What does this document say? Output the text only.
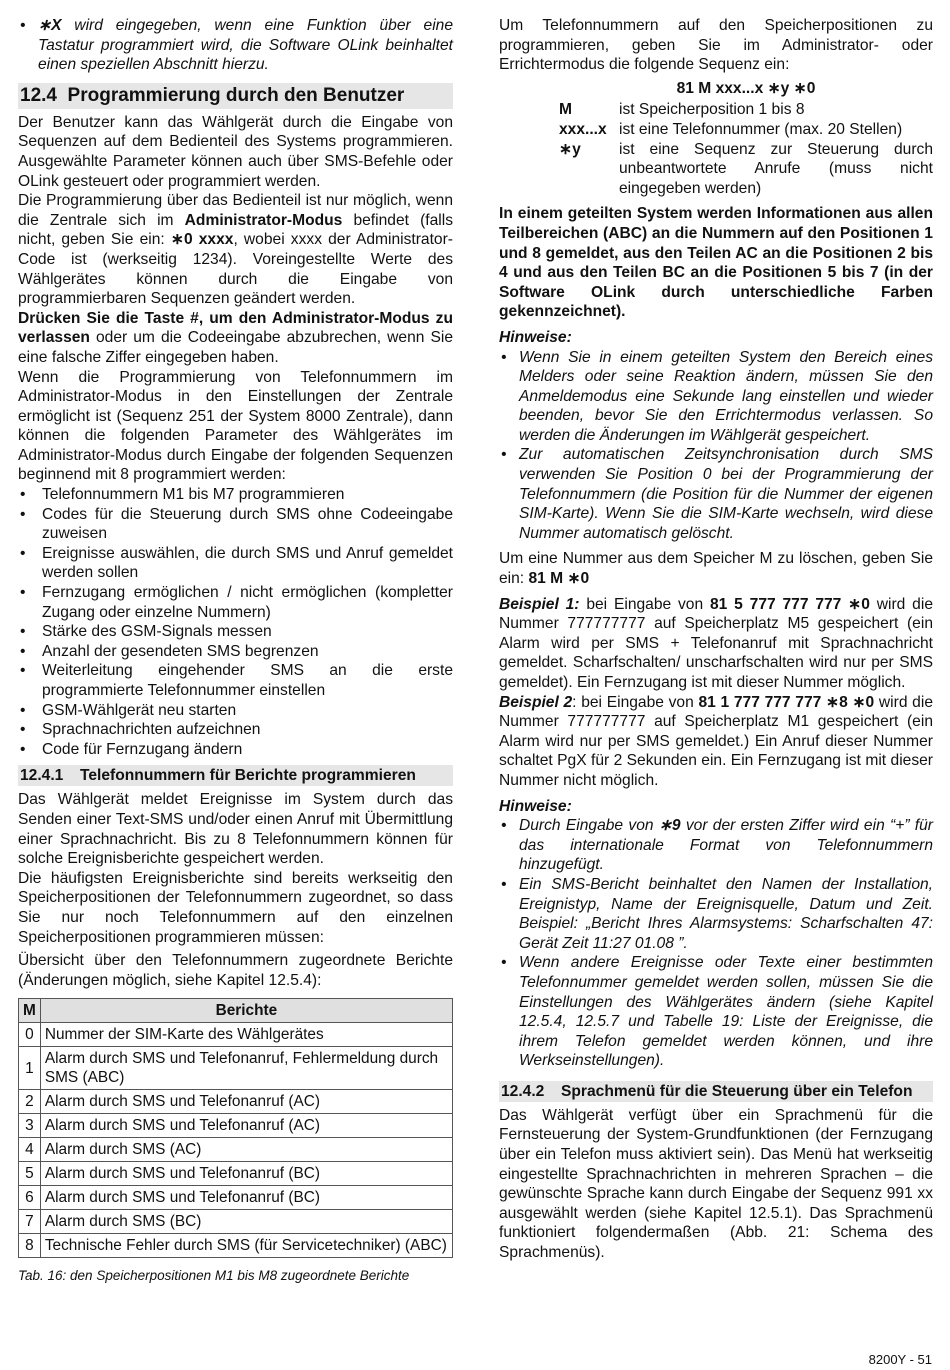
• ∗X wird eingegeben, wenn eine Funktion über eine Tastatur programmiert wird, die Software OLink beinhaltet einen speziellen Abschnitt hierzu.
12.4 Programmierung durch den Benutzer

Der Benutzer kann das Wählgerät durch die Eingabe von Sequenzen auf dem Bedienteil des Systems programmieren. Ausgewählte Parameter können auch über SMS-Befehle oder OLink gesteuert oder programmiert werden.

Die Programmierung über das Bedienteil ist nur möglich, wenn die Zentrale sich im Administrator-Modus befindet (falls nicht, geben Sie ein: ∗0 xxxx, wobei xxxx der Administrator-Code ist (werkseitig 1234). Voreingestellte Werte des Wählgerätes können durch die Eingabe von programmierbaren Sequenzen geändert werden.

Drücken Sie die Taste #, um den Administrator-Modus zu verlassen oder um die Codeeingabe abzubrechen, wenn Sie eine falsche Ziffer eingegeben haben.

Wenn die Programmierung von Telefonnummern im Administrator-Modus in den Einstellungen der Zentrale ermöglicht ist (Sequenz 251 der System 8000 Zentrale), dann können die folgenden Parameter des Wählgerätes im Administrator-Modus durch Eingabe der folgenden Sequenzen beginnend mit 8 programmiert werden:

• Telefonnummern M1 bis M7 programmieren
• Codes für die Steuerung durch SMS ohne Codeeingabe zuweisen
• Ereignisse auswählen, die durch SMS und Anruf gemeldet werden sollen
• Fernzugang ermöglichen / nicht ermöglichen (kompletter Zugang oder einzelne Nummern)
• Stärke des GSM-Signals messen
• Anzahl der gesendeten SMS begrenzen
• Weiterleitung eingehender SMS an die erste programmierte Telefonnummer einstellen
• GSM-Wählgerät neu starten
• Sprachnachrichten aufzeichnen
• Code für Fernzugang ändern
12.4.1 Telefonnummern für Berichte programmieren

Das Wählgerät meldet Ereignisse im System durch das Senden einer Text-SMS und/oder einen Anruf mit Übermittlung einer Sprachnachricht. Bis zu 8 Telefonnummern können für solche Ereignisberichte gespeichert werden.

Die häufigsten Ereignisberichte sind bereits werkseitig den Speicherpositionen der Telefonnummern zugeordnet, so dass Sie nur noch Telefonnummern auf den einzelnen Speicherpositionen programmieren müssen:

Übersicht über den Telefonnummern zugeordnete Berichte (Änderungen möglich, siehe Kapitel 12.5.4):

M	Berichte
0	Nummer der SIM-Karte des Wählgerätes
1	Alarm durch SMS und Telefonanruf, Fehlermeldung durch SMS (ABC)
2	Alarm durch SMS und Telefonanruf (AC)
3	Alarm durch SMS und Telefonanruf (AC)
4	Alarm durch SMS (AC)
5	Alarm durch SMS und Telefonanruf (BC)
6	Alarm durch SMS und Telefonanruf (BC)
7	Alarm durch SMS (BC)
8	Technische Fehler durch SMS (für Servicetechniker) (ABC)
Tab. 16: den Speicherpositionen M1 bis M8 zugeordnete Berichte

Um Telefonnummern auf den Speicherpositionen zu programmieren, geben Sie im Administrator- oder Errichtermodus die folgende Sequenz ein:

81 M xxx...x ∗y ∗0
M	ist Speicherposition 1 bis 8
xxx...x ist eine Telefonnummer (max. 20 Stellen)
∗y	ist eine Sequenz zur Steuerung durch unbeantwortete Anrufe (muss nicht eingegeben werden)

In einem geteilten System werden Informationen aus allen Teilbereichen (ABC) an die Nummern auf den Positionen 1 und 8 gemeldet, aus den Teilen AC an die Positionen 2 bis 4 und aus den Teilen BC an die Positionen 5 bis 7 (in der Software OLink durch unterschiedliche Farben gekennzeichnet).

Hinweise:
• Wenn Sie in einem geteilten System den Bereich eines Melders oder seine Reaktion ändern, müssen Sie den Anmeldemodus eine Sekunde lang einstellen und wieder beenden, bevor Sie den Errichtermodus verlassen. So werden die Änderungen im Wählgerät gespeichert.
• Zur automatischen Zeitsynchronisation durch SMS verwenden Sie Position 0 bei der Programmierung der Telefonnummern (die Position für die Nummer der eigenen SIM-Karte). Wenn Sie die SIM-Karte wechseln, wird diese Nummer automatisch gelöscht.

Um eine Nummer aus dem Speicher M zu löschen, geben Sie ein: 81 M ∗0

Beispiel 1: bei Eingabe von 81 5 777 777 777 ∗0 wird die Nummer 777777777 auf Speicherplatz M5 gespeichert (ein Alarm wird per SMS + Telefonanruf mit Sprachnachricht gemeldet. Scharfschalten/ unscharfschalten wird nur per SMS gemeldet). Ein Fernzugang ist mit dieser Nummer möglich.

Beispiel 2: bei Eingabe von 81 1 777 777 777 ∗8 ∗0 wird die Nummer 777777777 auf Speicherplatz M1 gespeichert (ein Alarm wird nur per SMS gemeldet.) Ein Anruf dieser Nummer schaltet PgX für 2 Sekunden ein. Ein Fernzugang ist mit dieser Nummer nicht möglich.

Hinweise:
• Durch Eingabe von ∗9 vor der ersten Ziffer wird ein “+” für das internationale Format von Telefonnummern hinzugefügt.
• Ein SMS-Bericht beinhaltet den Namen der Installation, Ereignistyp, Name der Ereignisquelle, Datum und Zeit. Beispiel: „Bericht Ihres Alarmsystems: Scharfschalten 47: Gerät Zeit 11:27 01.08 ”.
• Wenn andere Ereignisse oder Texte einer bestimmten Telefonnummer gemeldet werden sollen, müssen Sie die Einstellungen des Wählgerätes ändern (siehe Kapitel 12.5.4, 12.5.7 und Tabelle 19: Liste der Ereignisse, die ihrem Telefon gemeldet werden können, und ihre Werkseinstellungen).
12.4.2 Sprachmenü für die Steuerung über ein Telefon

Das Wählgerät verfügt über ein Sprachmenü für die Fernsteuerung der System-Grundfunktionen (der Fernzugang über ein Telefon muss aktiviert sein). Das Menü hat werkseitig eingestellte Sprachnachrichten in mehreren Sprachen – die gewünschte Sprache kann durch Eingabe der Sequenz 991 xx ausgewählt werden (siehe Kapitel 12.5.1). Das Sprachmenü funktioniert folgendermaßen (Abb. 21: Schema des Sprachmenüs).

8200Y - 51
